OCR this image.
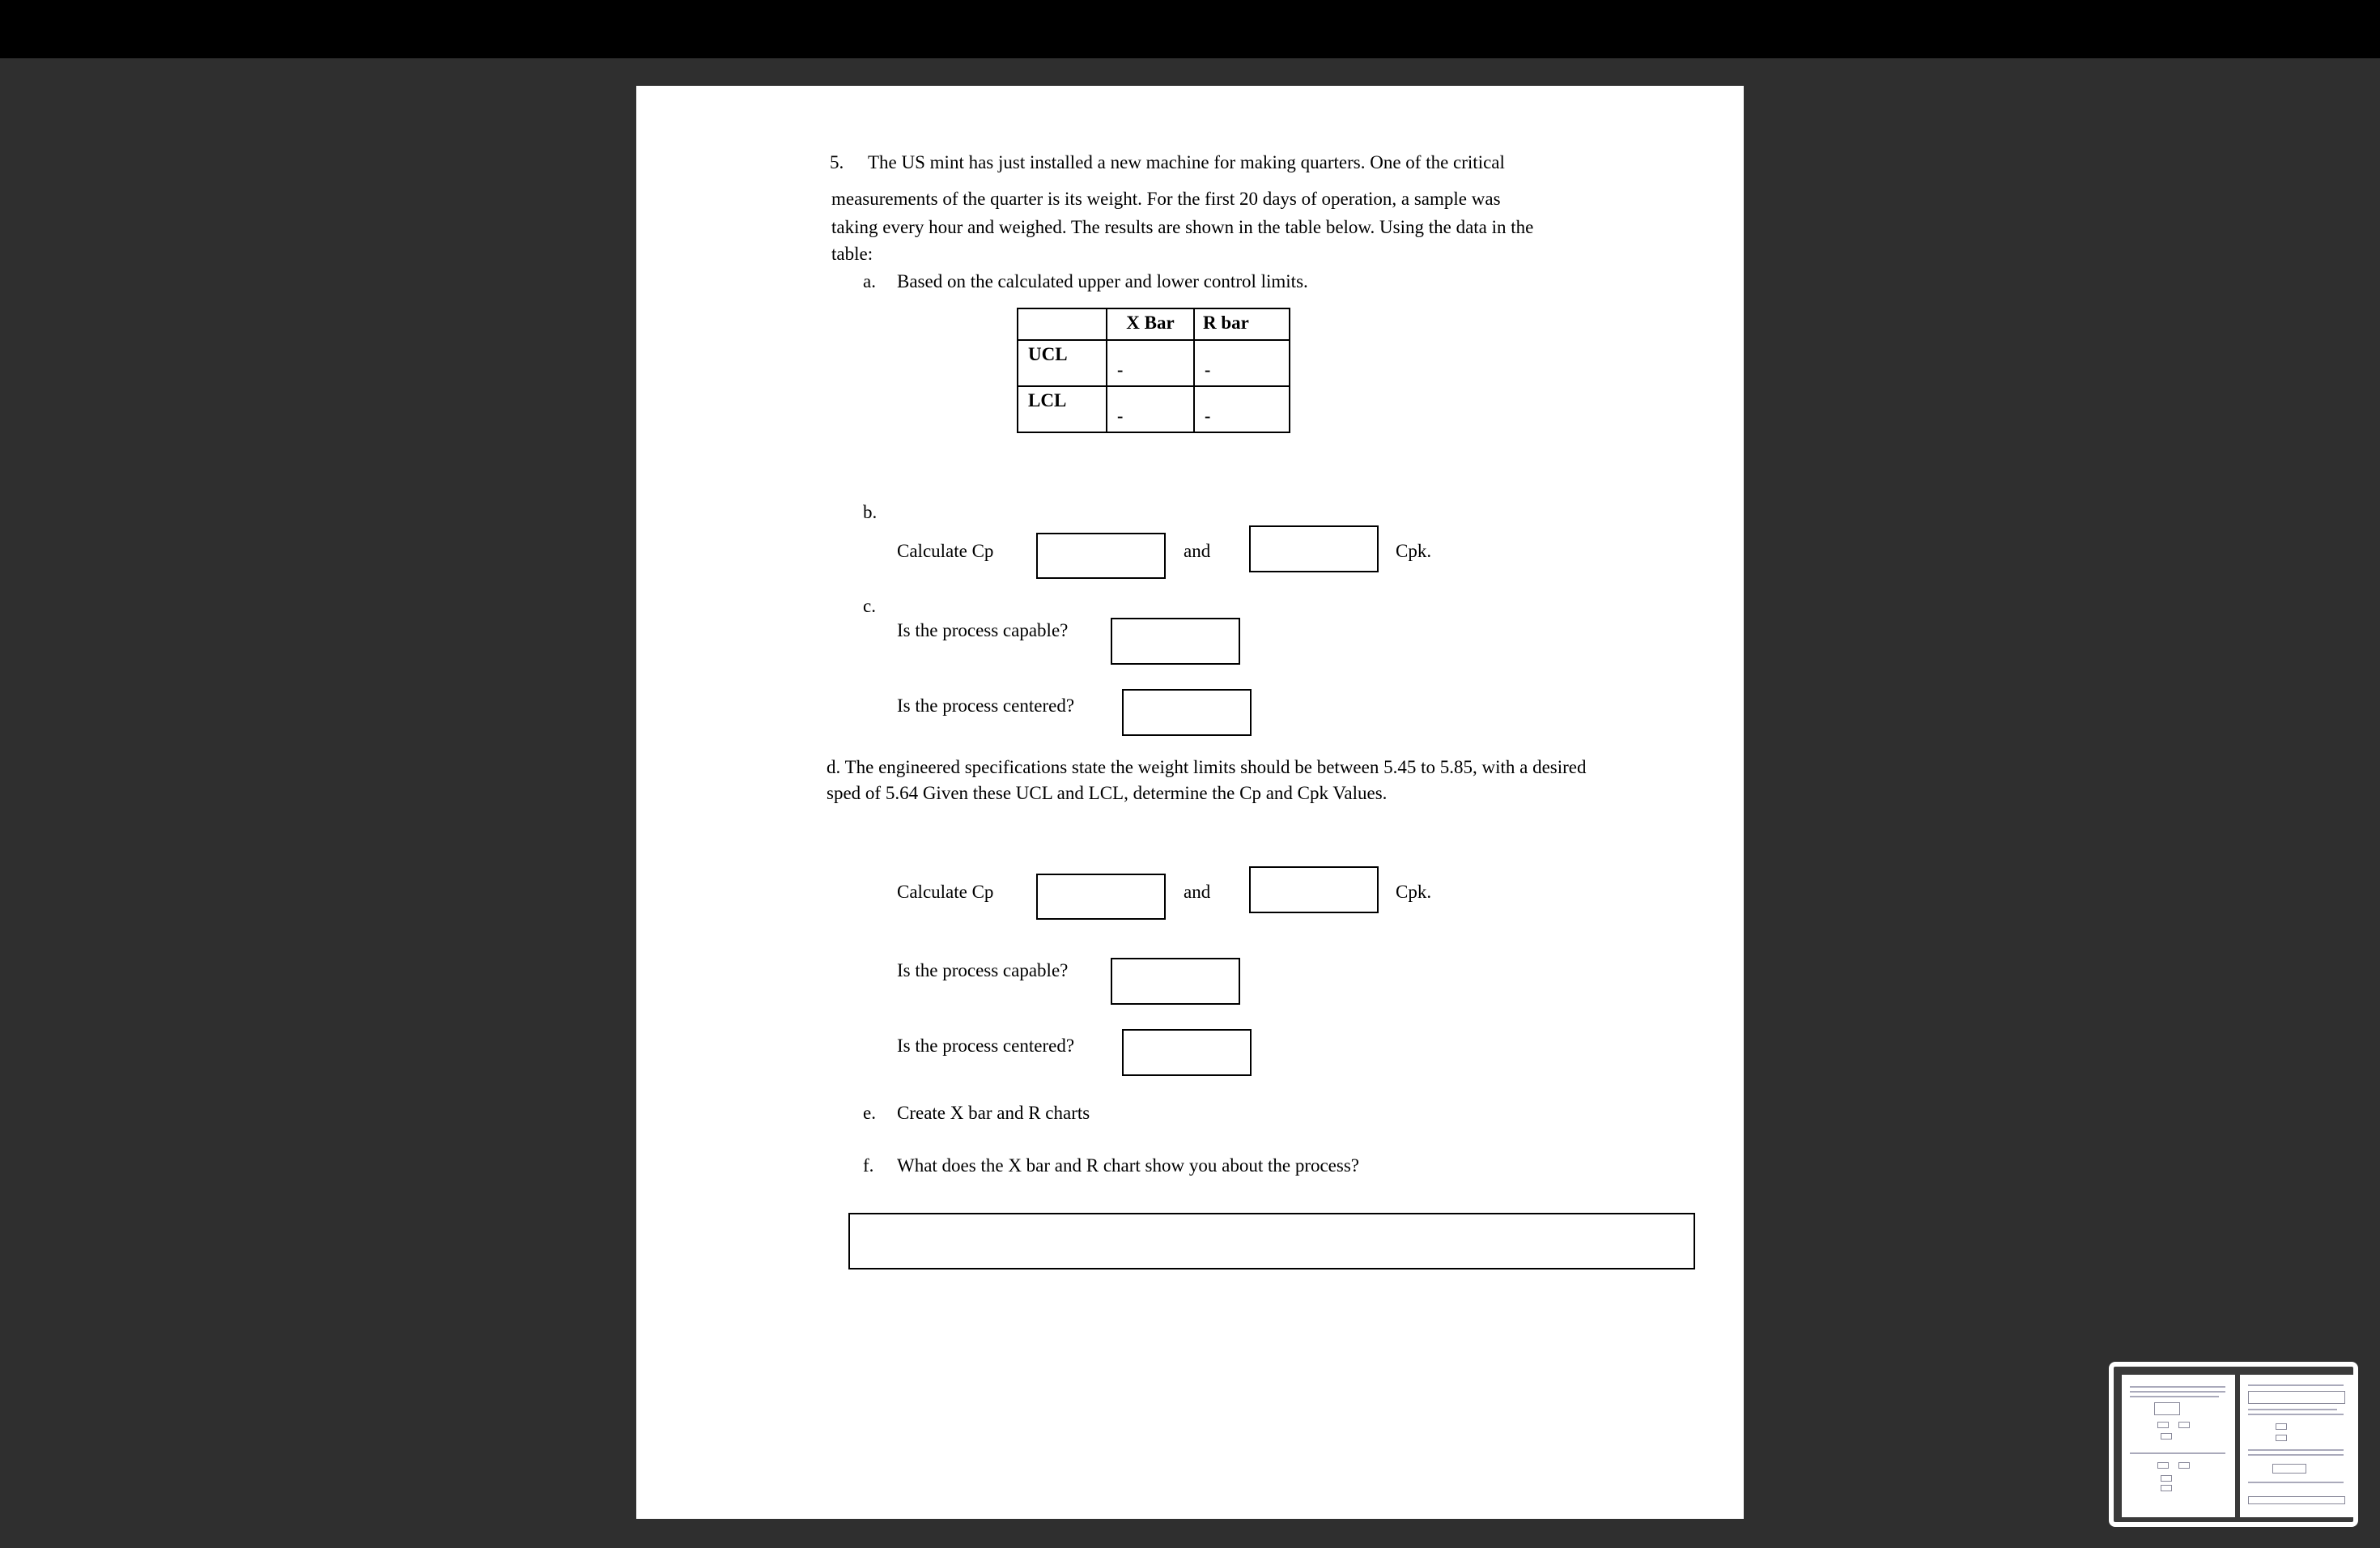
5. The US mint has just installed a new machine for making quarters. One of the critical
measurements of the quarter is its weight. For the first 20 days of operation, a sample was
taking every hour and weighed. The results are shown in the table below. Using the data in the
table:
a. Based on the calculated upper and lower control limits.
	X Bar	R bar
UCL	-	-

LCL	-	-
b.
Calculate Cp	and	Cpk.
c.
Is the process capable?
Is the process centered?
d. The engineered specifications state the weight limits should be between 5.45 to 5.85, with a desired
sped of 5.64 Given these UCL and LCL, determine the Cp and Cpk Values.
Calculate Cp	and	Cpk.
Is the process capable?
Is the process centered?
e. Create X bar and R charts
f. What does the X bar and R chart show you about the process?
